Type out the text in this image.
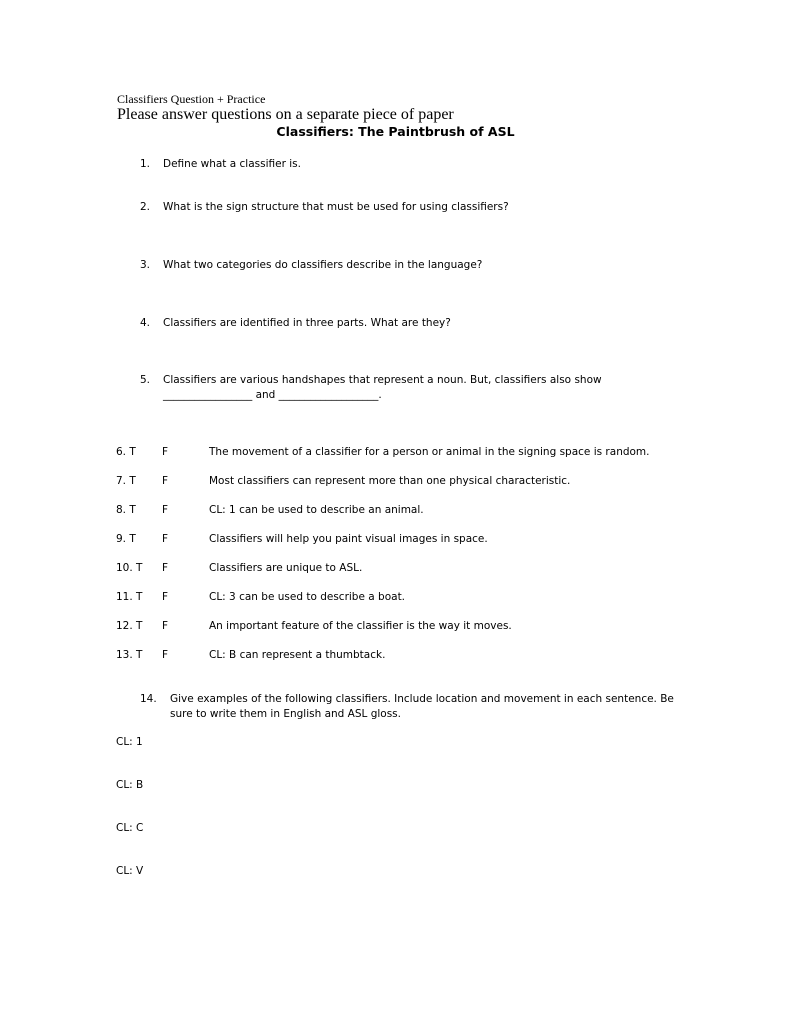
Classifiers Question + Practice
Please answer questions on a separate piece of paper
Classifiers: The Paintbrush of ASL
1. Define what a classifier is.
2. What is the sign structure that must be used for using classifiers?
3. What two categories do classifiers describe in the language?
4. Classifiers are identified in three parts. What are they?
5. Classifiers are various handshapes that represent a noun. But, classifiers also show
_________________ and ___________________.
6. T F	The movement of a classifier for a person or animal in the signing space is random.
7. T F	Most classifiers can represent more than one physical characteristic.
8. T F	CL: 1 can be used to describe an animal.
9. T F	Classifiers will help you paint visual images in space.
10. T F	Classifiers are unique to ASL.
11. T F	CL: 3 can be used to describe a boat.
12. T F	An important feature of the classifier is the way it moves.
13. T F	CL: B can represent a thumbtack.
14. Give examples of the following classifiers. Include location and movement in each sentence. Be
sure to write them in English and ASL gloss.
CL: 1
CL: B
CL: C
CL: V
